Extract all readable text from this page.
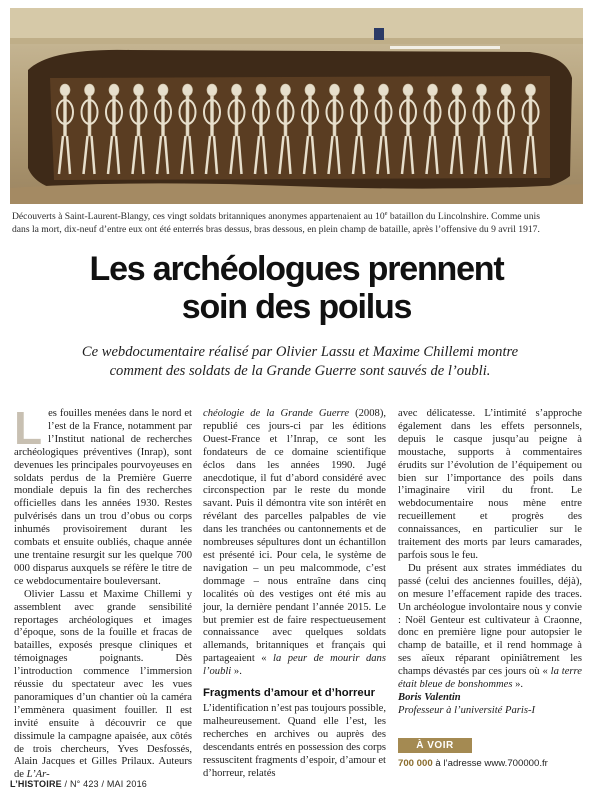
Découverts à Saint-Laurent-Blangy, ces vingt soldats britanniques anonymes appartenaient au 10e bataillon du Lincolnshire. Comme unis
dans la mort, dix-neuf d’entre eux ont été enterrés bras dessus, bras dessous, en plein champ de bataille, après l’offensive du 9 avril 1917.
Les archéologues prennent
soin des poilus
Ce webdocumentaire réalisé par Olivier Lassu et Maxime Chillemi montre
comment des soldats de la Grande Guerre sont sauvés de l’oubli.

Les fouilles menées dans le nord et l’est de la France, notamment par l’Institut national de recherches archéologiques préventives (Inrap), sont devenues les principales pourvoyeuses en soldats perdus de la Première Guerre mondiale depuis la fin des recherches officielles dans les années 1930. Restes pulvérisés dans un trou d’obus ou corps inhumés provisoirement durant les combats et ensuite oubliés, chaque année une trentaine resurgit sur les quelque 700 000 disparus auxquels se réfère le titre de ce webdocumentaire bouleversant.

Olivier Lassu et Maxime Chillemi y assemblent avec grande sensibilité reportages archéologiques et images d’époque, sons de la fouille et fracas de batailles, exposés presque cliniques et témoignages poignants. Dès l’introduction commence l’immersion réussie du spectateur avec les vues panoramiques d’un chantier où la caméra l’emmènera quasiment fouiller. Il est invité ensuite à découvrir ce que dissimule la campagne apaisée, aux côtés de trois chercheurs, Yves Desfossés, Alain Jacques et Gilles Prilaux. Auteurs de L’Ar-

chéologie de la Grande Guerre (2008), republié ces jours-ci par les éditions Ouest-France et l’Inrap, ce sont les fondateurs de ce domaine scientifique éclos dans les années 1990. Jugé anecdotique, il fut d’abord considéré avec circonspection par le reste du monde savant. Puis il démontra vite son intérêt en révélant des parcelles palpables de vie dans les tranchées ou cantonnements et de nombreuses sépultures dont un échantillon est présenté ici. Pour cela, le système de navigation – un peu malcommode, c’est dommage – nous entraîne dans cinq localités où des vestiges ont été mis au jour, la dernière pendant l’année 2015. Le but premier est de faire respectueusement connaissance avec quelques soldats allemands, britanniques et français qui partageaient « la peur de mourir dans l’oubli ».

Fragments d’amour et d’horreur

L’identification n’est pas toujours possible, malheureusement. Quand elle l’est, les recherches en archives ou auprès des descendants entrés en possession des corps ressuscitent fragments d’espoir, d’amour et d’horreur, relatés

avec délicatesse. L’intimité s’approche également dans les effets personnels, depuis le casque jusqu’au peigne à moustache, supports à commentaires érudits sur l’évolution de l’équipement ou bien sur l’importance des poils dans l’imaginaire viril du front. Le webdocumentaire nous mène entre recueillement et progrès des connaissances, en particulier sur le traitement des morts par leurs camarades, parfois sous le feu.

Du présent aux strates immédiates du passé (celui des anciennes fouilles, déjà), on mesure l’effacement rapide des traces. Un archéologue involontaire nous y convie : Noël Genteur est cultivateur à Craonne, donc en première ligne pour autopsier le champ de bataille, et il rend hommage à ses aïeux réparant opiniâtrement les champs dévastés par ces jours où « la terre était bleue de bonshommes ».

Boris Valentin

Professeur à l’université Paris-I

À VOIR
700 000 à l’adresse www.700000.fr
L’HISTOIRE / N° 423 / MAI 2016
